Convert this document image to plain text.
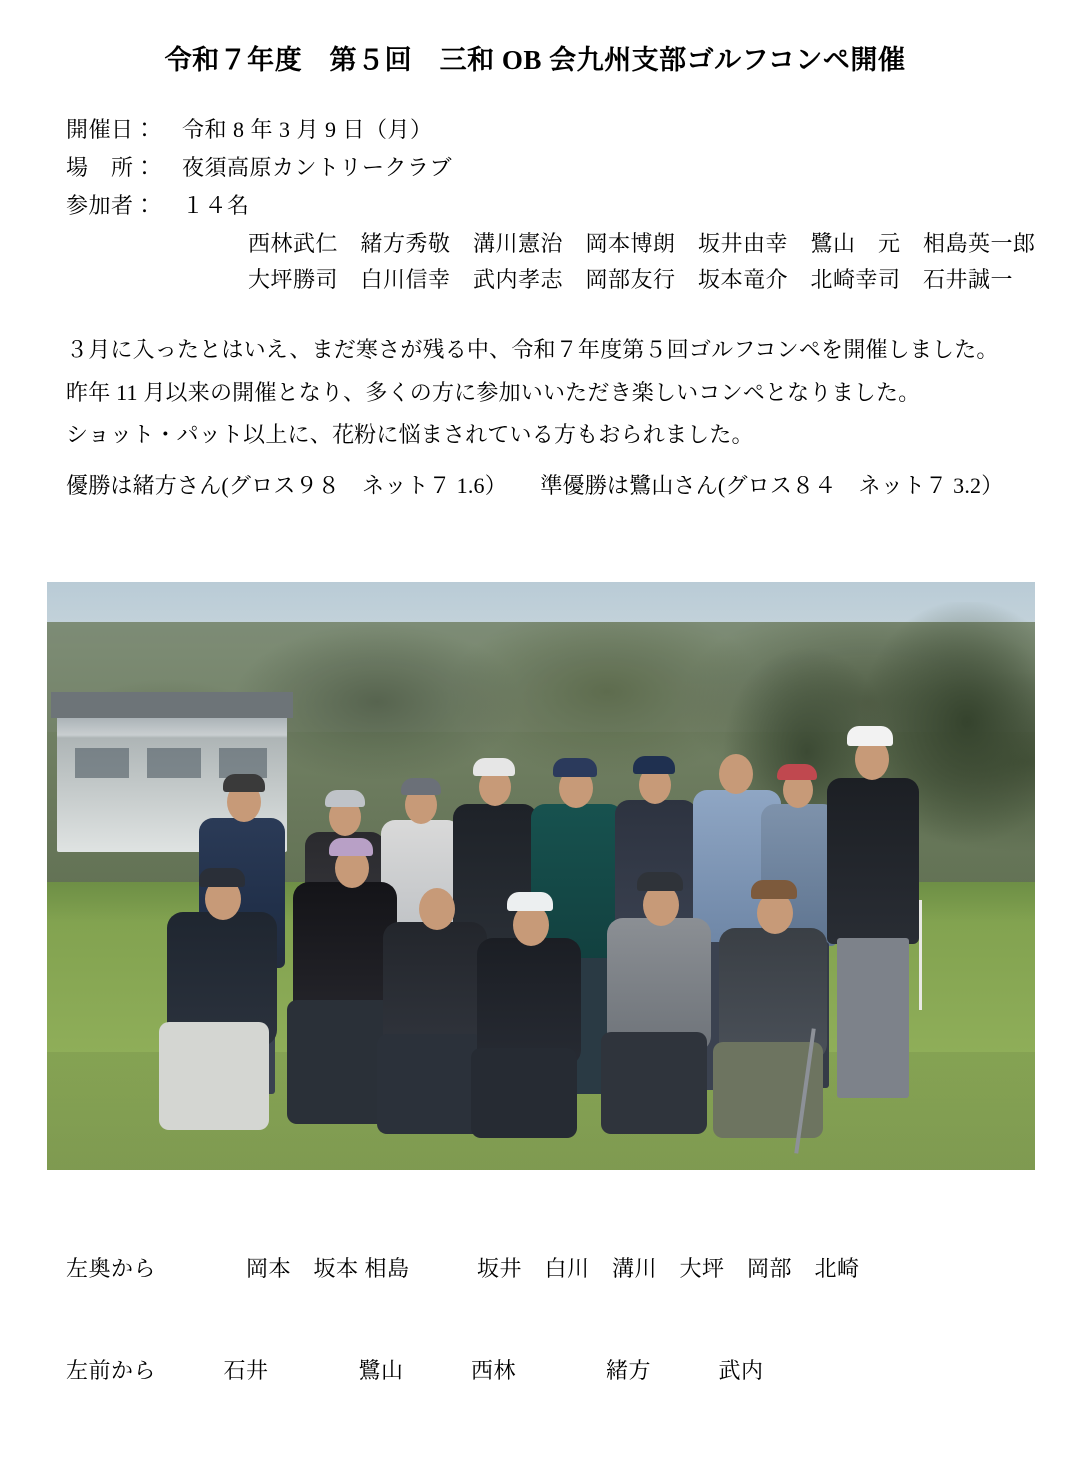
令和７年度　第５回　三和 OB 会九州支部ゴルフコンペ開催
開催日：	令和 8 年 3 月 9 日（月）
場　所：	夜須高原カントリークラブ
参加者：	１４名
西林武仁　緒方秀敬　溝川憲治　岡本博朗　坂井由幸　鷺山　元　相島英一郎
大坪勝司　白川信幸　武内孝志　岡部友行　坂本竜介　北崎幸司　石井誠一

３月に入ったとはいえ、まだ寒さが残る中、令和７年度第５回ゴルフコンペを開催しました。

昨年 11 月以来の開催となり、多くの方に参加いいただき楽しいコンペとなりました。

ショット・パット以上に、花粉に悩まされている方もおられました。

優勝は緒方さん(グロス９８　ネット７ 1.6）　　準優勝は鷺山さん(グロス８４　ネット７ 3.2）

左奥から　　　　岡本　坂本 相島　　　坂井　白川　溝川　大坪　岡部　北崎

左前から　　　石井　　　　鷺山　　　西林　　　　緒方　　　武内
